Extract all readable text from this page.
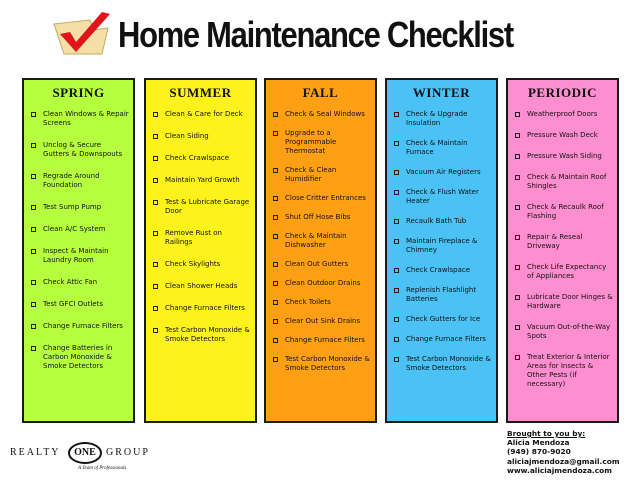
Home Maintenance Checklist
SPRING
Clean Windows & Repair Screens
Unclog & Secure Gutters & Downspouts
Regrade Around Foundation
Test Sump Pump
Clean A/C System
Inspect & Maintain Laundry Room
Check Attic Fan
Test GFCI Outlets
Change Furnace Filters
Change Batteries in Carbon Monoxide & Smoke Detectors
SUMMER
Clean & Care for Deck
Clean Siding
Check Crawlspace
Maintain Yard Growth
Test & Lubricate Garage Door
Remove Rust on Railings
Check Skylights
Clean Shower Heads
Change Furnace Filters
Test Carbon Monoxide & Smoke Detectors
FALL
Check & Seal Windows
Upgrade to a Programmable Thermostat
Check & Clean Humidifier
Close Critter Entrances
Shut Off Hose Bibs
Check & Maintain Dishwasher
Clean Out Gutters
Clean Outdoor Drains
Check Toilets
Clear Out Sink Drains
Change Furnace Filters
Test Carbon Monoxide & Smoke Detectors
WINTER
Check & Upgrade Insulation
Check & Maintain Furnace
Vacuum Air Registers
Check & Flush Water Heater
Recaulk Bath Tub
Maintain Fireplace & Chimney
Check Crawlspace
Replenish Flashlight Batteries
Check Gutters for Ice
Change Furnace Filters
Test Carbon Monoxide & Smoke Detectors
PERIODIC
Weatherproof Doors
Pressure Wash Deck
Pressure Wash Siding
Check & Maintain Roof Shingles
Check & Recaulk Roof Flashing
Repair & Reseal Driveway
Check Life Expectancy of Appliances
Lubricate Door Hinges & Hardware
Vacuum Out-of-the-Way Spots
Treat Exterior & Interior Areas for Insects & Other Pests (if necessary)
REALTY	ONE	GROUP
A Team of Professionals
Brought to you by:
Alicia Mendoza
(949) 870-9020
aliciajmendoza@gmail.com
www.aliciajmendoza.com
